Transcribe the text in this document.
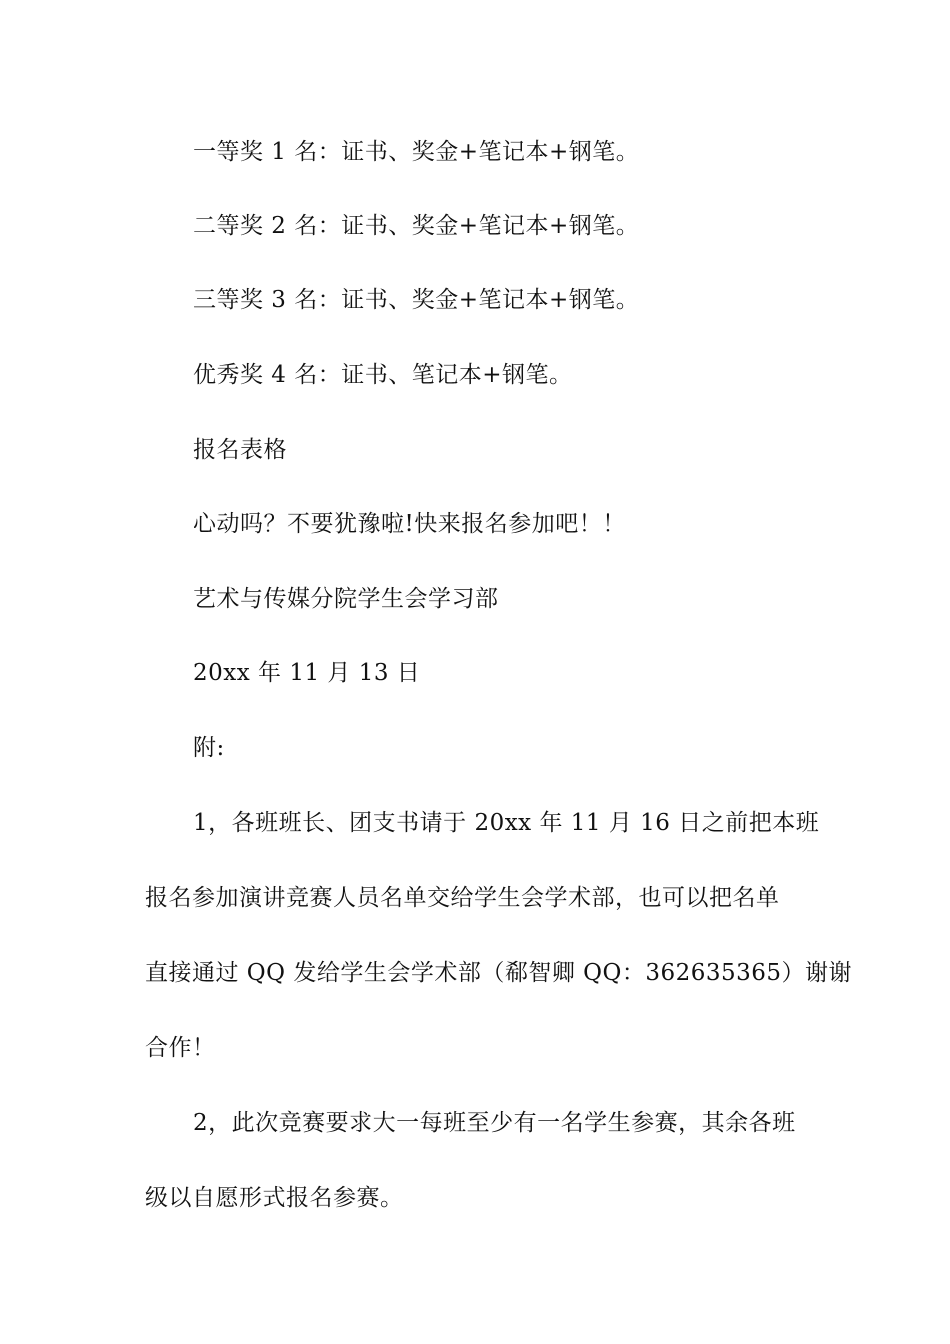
一等奖 1 名：证书、奖金+笔记本+钢笔。
二等奖 2 名：证书、奖金+笔记本+钢笔。
三等奖 3 名：证书、奖金+笔记本+钢笔。
优秀奖 4 名：证书、笔记本+钢笔。
报名表格
心动吗？不要犹豫啦!快来报名参加吧！！
艺术与传媒分院学生会学习部
20xx 年 11 月 13 日
附:
1，各班班长、团支书请于 20xx 年 11 月 16 日之前把本班
报名参加演讲竞赛人员名单交给学生会学术部，也可以把名单
直接通过 QQ 发给学生会学术部（郗智卿 QQ：362635365）谢谢
合作！
2，此次竞赛要求大一每班至少有一名学生参赛，其余各班
级以自愿形式报名参赛。
